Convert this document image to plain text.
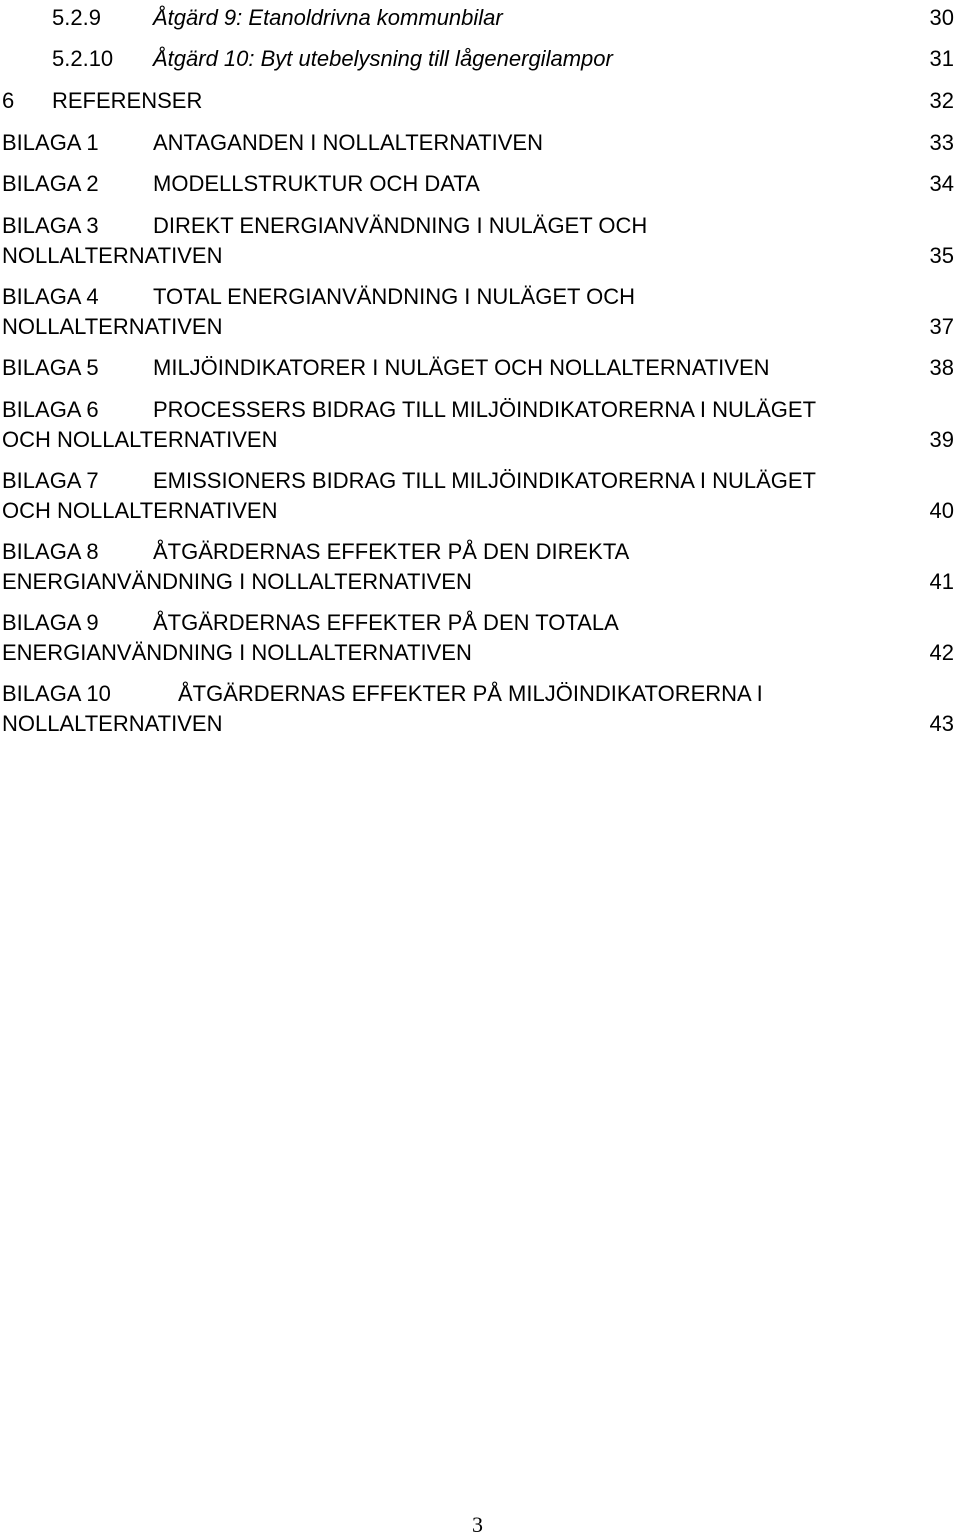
5.2.9 Åtgärd 9: Etanoldrivna kommunbilar	30
5.2.10 Åtgärd 10: Byt utebelysning till lågenergilampor	31
6 REFERENSER	32
BILAGA 1 ANTAGANDEN I NOLLALTERNATIVEN	33
BILAGA 2 MODELLSTRUKTUR OCH DATA	34
BILAGA 3 DIREKT ENERGIANVÄNDNING I NULÄGET OCH
NOLLALTERNATIVEN	35
BILAGA 4 TOTAL ENERGIANVÄNDNING I NULÄGET OCH
NOLLALTERNATIVEN	37
BILAGA 5 MILJÖINDIKATORER I NULÄGET OCH NOLLALTERNATIVEN	38
BILAGA 6 PROCESSERS BIDRAG TILL MILJÖINDIKATORERNA I NULÄGET
OCH NOLLALTERNATIVEN	39
BILAGA 7 EMISSIONERS BIDRAG TILL MILJÖINDIKATORERNA I NULÄGET
OCH NOLLALTERNATIVEN	40
BILAGA 8 ÅTGÄRDERNAS EFFEKTER PÅ DEN DIREKTA
ENERGIANVÄNDNING I NOLLALTERNATIVEN	41
BILAGA 9 ÅTGÄRDERNAS EFFEKTER PÅ DEN TOTALA
ENERGIANVÄNDNING I NOLLALTERNATIVEN	42
BILAGA 10	ÅTGÄRDERNAS EFFEKTER PÅ MILJÖINDIKATORERNA I
NOLLALTERNATIVEN	43
3
